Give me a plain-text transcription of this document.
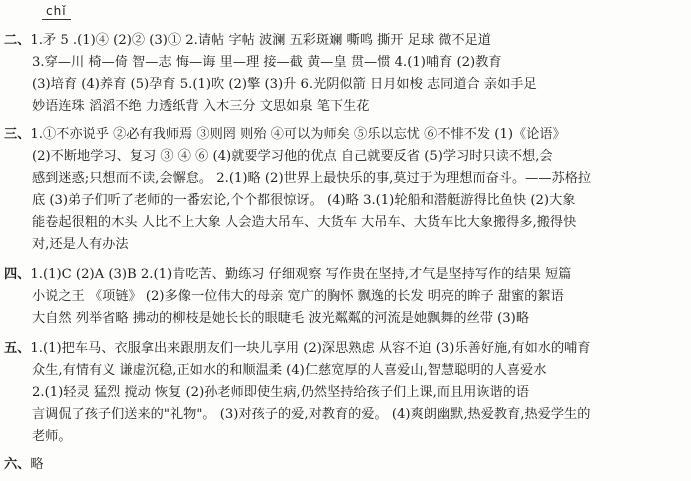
chǐ
二、1.矛 5 .(1)④ (2)② (3)① 2.请帖 字帖 波澜 五彩斑斓 嘶鸣 撕开 足球 微不足道
3.穿—川 椅—倚 智—志 悔—诲 里—理 接—截 黄—皇 贯—惯 4.(1)哺育 (2)教育
(3)培育 (4)养育 (5)孕育 5.(1)吹 (2)擎 (3)升 6.光阴似箭 日月如梭 志同道合 亲如手足
妙语连珠 滔滔不绝 力透纸背 入木三分 文思如泉 笔下生花
三、1.①不亦说乎 ②必有我师焉 ③则罔 则殆 ④可以为师矣 ⑤乐以忘忧 ⑥不悱不发 (1)《论语》
(2)不断地学习、复习 ③ ④ ⑥ (4)就要学习他的优点 自己就要反省 (5)学习时只读不想,会
感到迷惑;只想而不读,会懈怠。 2.(1)略 (2)世界上最快乐的事,莫过于为理想而奋斗。——苏格拉
底 (3)弟子们听了老师的一番宏论,个个都很惊讶。 (4)略 3.(1)轮船和潜艇游得比鱼快 (2)大象
能卷起很粗的木头 人比不上大象 人会造大吊车、大货车 大吊车、大货车比大象搬得多,搬得快
对,还是人有办法
四、1.(1)C (2)A (3)B 2.(1)肯吃苦、勤练习 仔细观察 写作贵在坚持,才气是坚持写作的结果 短篇
小说之王 《项链》 (2)多像一位伟大的母亲 宽广的胸怀 飘逸的长发 明亮的眸子 甜蜜的絮语
大自然 列举省略 拂动的柳枝是她长长的眼睫毛 波光粼粼的河流是她飘舞的丝带 (3)略
五、1.(1)把车马、衣服拿出来跟朋友们一块儿享用 (2)深思熟虑 从容不迫 (3)乐善好施,有如水的哺育
众生,有情有义 谦虚沉稳,正如水的和顺温柔 (4)仁慈宽厚的人喜爱山,智慧聪明的人喜爱水
2.(1)轻灵 猛烈 搅动 恢复 (2)孙老师即使生病,仍然坚持给孩子们上课,而且用诙谐的语
言调侃了孩子们送来的"礼物"。 (3)对孩子的爱,对教育的爱。 (4)爽朗幽默,热爱教育,热爱学生的
老师。
六、略
